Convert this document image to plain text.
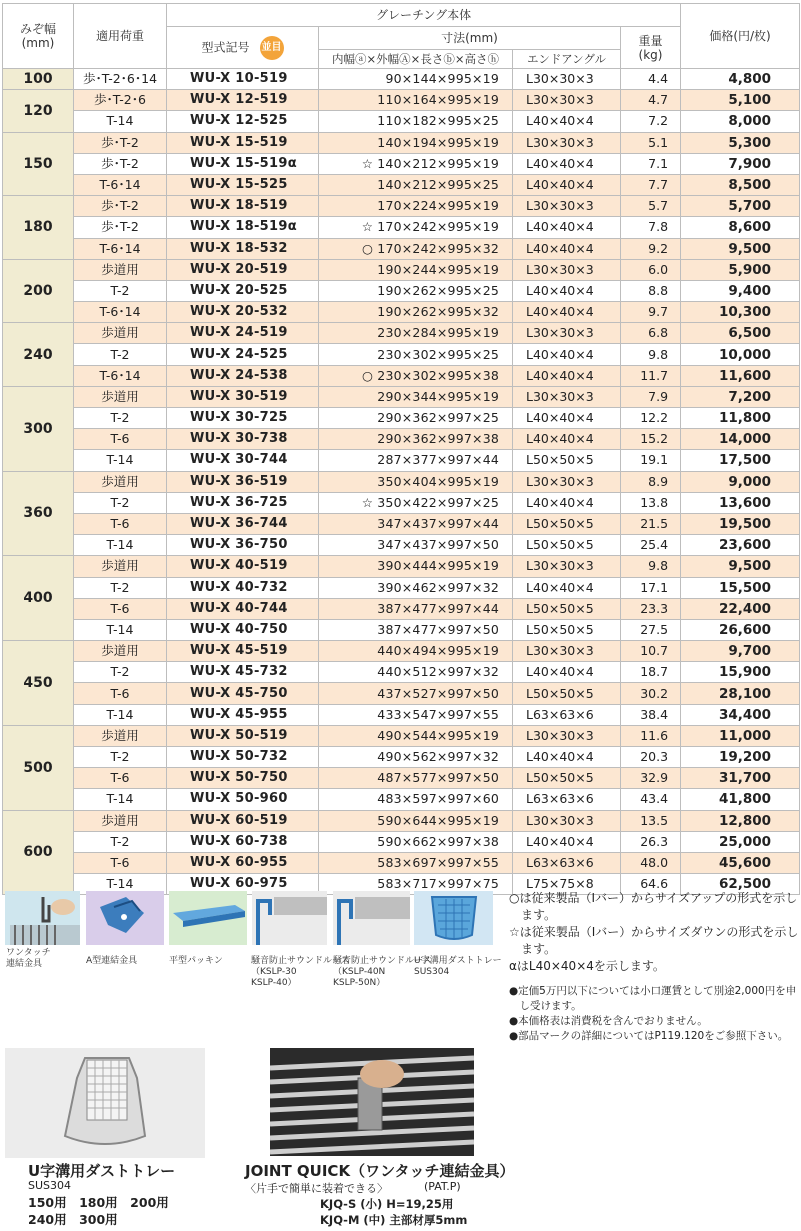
みぞ幅
(mm)	適用荷重	グレーチング本体				価格(円/枚)
		型式記号 並目	寸法(mm)		重量
(kg)	

			内幅ⓐ×外幅Ⓐ×長さⓑ×高さⓗ	エンドアングル		
100	歩･T-2･6･14	WU-X 10-519	90×144×995×19	L30×30×3	4.4	4,800
120	歩･T-2･6	WU-X 12-519	110×164×995×19	L30×30×3	4.7	5,100
	T-14	WU-X 12-525	110×182×995×25	L40×40×4	7.2	8,000
150	歩･T-2	WU-X 15-519	140×194×995×19	L30×30×3	5.1	5,300
	歩･T-2	WU-X 15-519α	☆ 140×212×995×19	L40×40×4	7.1	7,900
	T-6･14	WU-X 15-525	140×212×995×25	L40×40×4	7.7	8,500
180	歩･T-2	WU-X 18-519	170×224×995×19	L30×30×3	5.7	5,700
	歩･T-2	WU-X 18-519α	☆ 170×242×995×19	L40×40×4	7.8	8,600
	T-6･14	WU-X 18-532	○ 170×242×995×32	L40×40×4	9.2	9,500
200	歩道用	WU-X 20-519	190×244×995×19	L30×30×3	6.0	5,900
	T-2	WU-X 20-525	190×262×995×25	L40×40×4	8.8	9,400
	T-6･14	WU-X 20-532	190×262×995×32	L40×40×4	9.7	10,300
240	歩道用	WU-X 24-519	230×284×995×19	L30×30×3	6.8	6,500
	T-2	WU-X 24-525	230×302×995×25	L40×40×4	9.8	10,000
	T-6･14	WU-X 24-538	○ 230×302×995×38	L40×40×4	11.7	11,600
300	歩道用	WU-X 30-519	290×344×995×19	L30×30×3	7.9	7,200
	T-2	WU-X 30-725	290×362×997×25	L40×40×4	12.2	11,800
	T-6	WU-X 30-738	290×362×997×38	L40×40×4	15.2	14,000
	T-14	WU-X 30-744	287×377×997×44	L50×50×5	19.1	17,500
360	歩道用	WU-X 36-519	350×404×995×19	L30×30×3	8.9	9,000
	T-2	WU-X 36-725	☆ 350×422×997×25	L40×40×4	13.8	13,600
	T-6	WU-X 36-744	347×437×997×44	L50×50×5	21.5	19,500
	T-14	WU-X 36-750	347×437×997×50	L50×50×5	25.4	23,600
400	歩道用	WU-X 40-519	390×444×995×19	L30×30×3	9.8	9,500
	T-2	WU-X 40-732	390×462×997×32	L40×40×4	17.1	15,500
	T-6	WU-X 40-744	387×477×997×44	L50×50×5	23.3	22,400
	T-14	WU-X 40-750	387×477×997×50	L50×50×5	27.5	26,600
450	歩道用	WU-X 45-519	440×494×995×19	L30×30×3	10.7	9,700
	T-2	WU-X 45-732	440×512×997×32	L40×40×4	18.7	15,900
	T-6	WU-X 45-750	437×527×997×50	L50×50×5	30.2	28,100
	T-14	WU-X 45-955	433×547×997×55	L63×63×6	38.4	34,400
500	歩道用	WU-X 50-519	490×544×995×19	L30×30×3	11.6	11,000
	T-2	WU-X 50-732	490×562×997×32	L40×40×4	20.3	19,200
	T-6	WU-X 50-750	487×577×997×50	L50×50×5	32.9	31,700
	T-14	WU-X 50-960	483×597×997×60	L63×63×6	43.4	41,800
600	歩道用	WU-X 60-519	590×644×995×19	L30×30×3	13.5	12,800
	T-2	WU-X 60-738	590×662×997×38	L40×40×4	26.3	25,000
	T-6	WU-X 60-955	583×697×997×55	L63×63×6	48.0	45,600
	T-14	WU-X 60-975	583×717×997×75	L75×75×8	64.6	62,500
ワンタッチ
連結金具	A型連結金具	平型パッキン	騒音防止サウンドルース
（KSLP-30
KSLP-40）
騒音防止サウンドルース
（KSLP-40N
KSLP-50N）
U字溝用ダストトレー
SUS304

○は従来製品（Iバー）からサイズアップの形式を示します。

☆は従来製品（Iバー）からサイズダウンの形式を示します。

αはL40×40×4を示します。

●定価5万円以下については小口運賃として別途2,000円を申し受けます。

●本価格表は消費税を含んでおりません。

●部品マークの詳細についてはP119.120をご参照下さい。

U字溝用ダストトレー
SUS304
150用　180用　200用
240用　300用
JOINT QUICK（ワンタッチ連結金具）
〈片手で簡単に装着できる〉	(PAT.P)
KJQ-S (小) H=19,25用
KJQ-M (中) 主部材厚5mm
